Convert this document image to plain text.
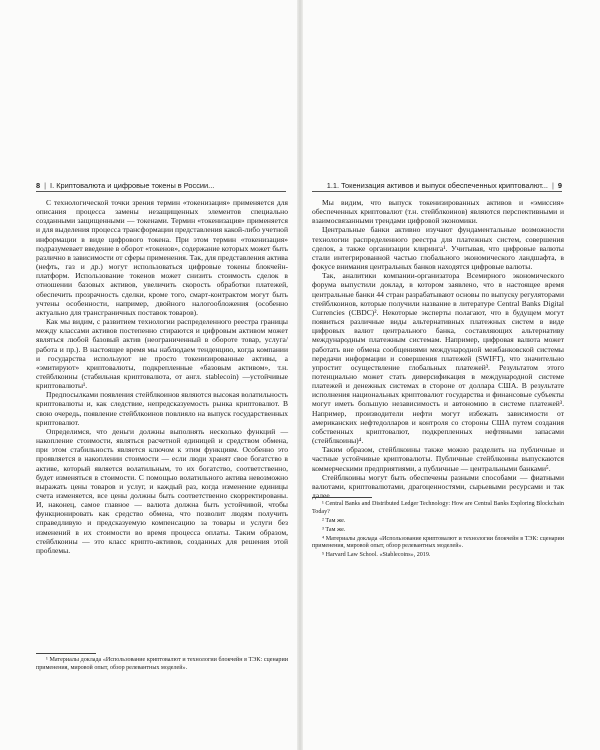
8 | I. Криптовалюта и цифровые токены в России...

С технологической точки зрения термин «токенизация» применяется для описания процесса замены незащищенных элементов специально созданными защищенными — токенами. Термин «токенизация» применяется и для выделения процесса трансформации представления какой-либо учетной информации в виде цифрового токена. При этом термин «токенизация» подразумевает введение в оборот «токенов», содержание которых может быть различно в зависимости от сферы применения. Так, для представления актива (нефть, газ и др.) могут использоваться цифровые токены блокчейн-платформ. Использование токенов может снизить стоимость сделок в отношении базовых активов, увеличить скорость обработки платежей, обеспечить прозрачность сделки, кроме того, смарт-контрактом могут быть учтены особенности, например, двойного налогообложения (особенно актуально для трансграничных поставок товаров).

Как мы видим, с развитием технологии распределенного реестра границы между классами активов постепенно стираются и цифровым активом может являться любой базовый актив (неограниченный в обороте товар, услуга/работа и пр.). В настоящее время мы наблюдаем тенденцию, когда компании и государства используют не просто токенизированные активы, а «эмитируют» криптовалюты, подкрепленные «базовым активом», т.н. стейблкоины (стабильная криптовалюта, от англ. stablecoin) —устойчивые криптовалюты¹.

Предпосылками появления стейблкоинов являются высокая волатильность криптовалюты и, как следствие, непредсказуемость рынка криптовалют. В свою очередь, появление стейблкоинов повлияло на выпуск государственных криптовалют.

Определимся, что деньги должны выполнять несколько функций — накопление стоимости, являться расчетной единицей и средством обмена, при этом стабильность является ключом к этим функциям. Особенно это проявляется в накоплении стоимости — если люди хранят свое богатство в активе, который является волатильным, то их богатство, соответственно, будет изменяться в стоимости. С помощью волатильного актива невозможно выражать цены товаров и услуг, и каждый раз, когда изменение единицы счета изменяется, все цены должны быть соответственно скорректированы. И, наконец, самое главное — валюта должна быть устойчивой, чтобы функционировать как средство обмена, что позволит людям получить справедливую и предсказуемую компенсацию за товары и услуги без изменений в их стоимости во время процесса оплаты. Таким образом, стейблкоины — это класс крипто-активов, созданных для решения этой проблемы.

¹ Материалы доклада «Использование криптовалют и технологии блокчейн в ТЭК: сценарии применения, мировой опыт, обзор релевантных моделей».

1.1. Токенизация активов и выпуск обеспеченных криптовалют... | 9

Мы видим, что выпуск токенизированных активов и «эмиссия» обеспеченных криптовалют (т.н. стейблкоинов) являются перспективными и взаимосвязанными трендами цифровой экономики.

Центральные банки активно изучают фундаментальные возможности технологии распределенного реестра для платежных систем, совершения сделок, а также организации клиринга¹. Учитывая, что цифровые валюты стали интегрированной частью глобального экономического ландшафта, в фокусе внимания центральных банков находятся цифровые валюты.

Так, аналитики компании-организатора Всемирного экономического форума выпустили доклад, в котором заявлено, что в настоящее время центральные банки 44 стран разрабатывают основы по выпуску регуляторами стейблкоинов, которые получили название в литературе Central Banks Digital Currencies (CBDC)². Некоторые эксперты полагают, что в будущем могут появиться различные виды альтернативных платежных систем в виде цифровых валют центрального банка, составляющих альтернативу международным платежным системам. Например, цифровая валюта может работать вне обмена сообщениями международной межбанковской системы передачи информации и совершения платежей (SWIFT), что значительно упростит осуществление глобальных платежей³. Результатом этого потенциально может стать диверсификация в международной системе платежей и денежных системах в стороне от доллара США. В результате исполнения национальных криптовалют государства и финансовые субъекты могут иметь большую независимость и автономию в системе платежей³. Например, производители нефти могут избежать зависимости от американских нефтедолларов и контроля со стороны США путем создания собственных криптовалют, подкрепленных нефтяными запасами (стейблкоины)⁴.

Таким образом, стейблкоины также можно разделить на публичные и частные устойчивые криптовалюты. Публичные стейблкоины выпускаются коммерческими предприятиями, а публичные — центральными банками⁵.

Стейблкоины могут быть обеспечены разными способами — фиатными валютами, криптовалютами, драгоценностями, сырьевыми ресурсами и так далее.

¹ Central Banks and Distributed Ledger Technology: How are Central Banks Exploring Blockchain Today?

² Там же.

³ Там же.

⁴ Материалы доклада «Использование криптовалют и технологии блокчейн в ТЭК: сценарии применения, мировой опыт, обзор релевантных моделей».

⁵ Harvard Law School. «Stablecoins», 2019.
